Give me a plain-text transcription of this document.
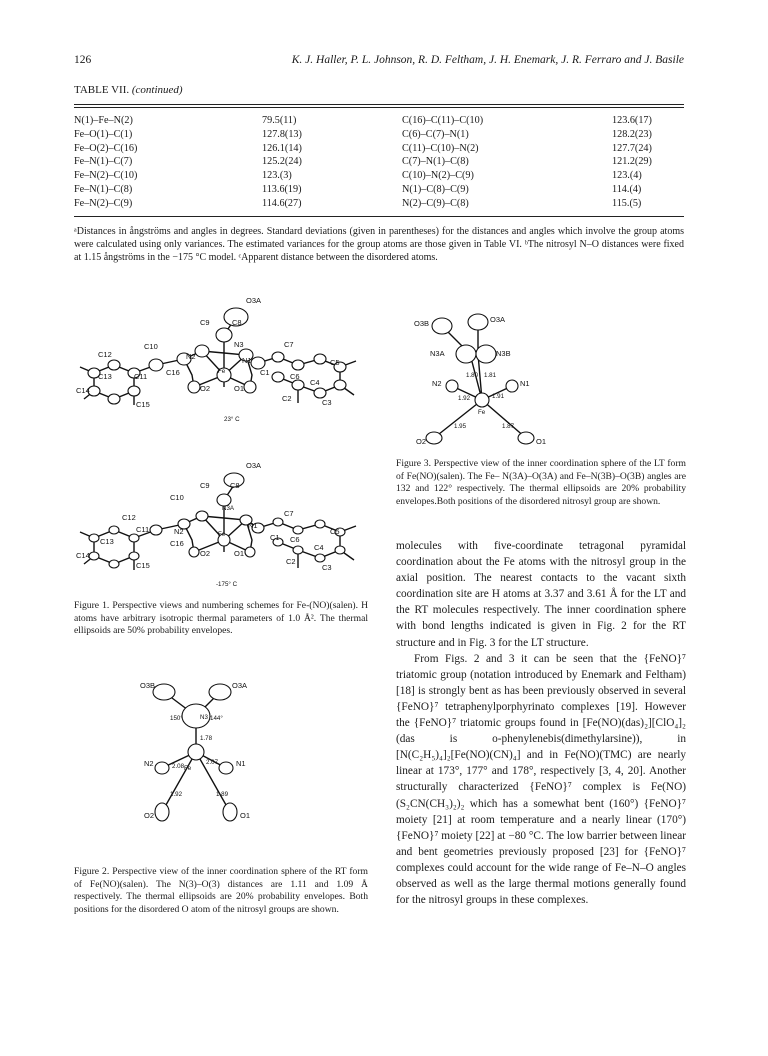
126	K. J. Haller, P. L. Johnson, R. D. Feltham, J. H. Enemark, J. R. Ferraro and J. Basile
TABLE VII. (continued)
N(1)–Fe–N(2)	79.5(11)	C(16)–C(11)–C(10)	123.6(17)
Fe–O(1)–C(1)	127.8(13)	C(6)–C(7)–N(1)	128.2(23)
Fe–O(2)–C(16)	126.1(14)	C(11)–C(10)–N(2)	127.7(24)
Fe–N(1)–C(7)	125.2(24)	C(7)–N(1)–C(8)	121.2(29)
Fe–N(2)–C(10)	123.(3)	C(10)–N(2)–C(9)	123.(4)
Fe–N(1)–C(8)	113.6(19)	N(1)–C(8)–C(9)	114.(4)
Fe–N(2)–C(9)	114.6(27)	N(2)–C(9)–C(8)	115.(5)
ᵃDistances in ångströms and angles in degrees. Standard deviations (given in parentheses) for the distances and angles which involve the group atoms were calculated using only variances. The estimated variances for the group atoms are those given in Table VI. ᵇThe nitrosyl N–O distances were fixed at 1.15 ångströms in the −175 °C model. ᶜApparent distance between the disordered atoms.
O3A
C8
C9
C10
C12	N2
N3
N1
C7
C5
Fe
C13	C11	C16	C1	C6
C14	O2	O1
C4
C15
C2	C3
23° C
O3A
C8
C9
C10
C12
N2
N3A
N1
C7
C5
Fe
C13
C11
C16
C1 C6
C14	O2	O1
C4
C15	C2
C3
-175° C
Figure 1. Perspective views and numbering schemes for Fe-(NO)(salen). H atoms have arbitrary isotropic thermal parameters of 1.0 Å². The thermal ellipsoids are 50% probability envelopes.
O3B	O3A
N3
150°	144°
1.78
N2	N1
2.08
2.07
Fe
1.92	1.89
O2	O1
Figure 2. Perspective view of the inner coordination sphere of the RT form of Fe(NO)(salen). The N(3)–O(3) distances are 1.11 and 1.09 Å respectively. The thermal ellipsoids are 20% probability envelopes. Both positions for the disordered O atom of the nitrosyl groups are shown.
O3B	O3A
N3A	N3B
1.80 1.81
N2	N1
1.92	1.91
Fe
1.95	1.87
O2	O1
Figure 3. Perspective view of the inner coordination sphere of the LT form of Fe(NO)(salen). The Fe– N(3A)–O(3A) and Fe–N(3B)–O(3B) angles are 132 and 122° respectively. The thermal ellipsoids are 20% probability envelopes.Both positions of the disordered nitrosyl group are shown.

molecules with five-coordinate tetragonal pyramidal coordination about the Fe atoms with the nitrosyl group in the axial position. The nearest contacts to the vacant sixth coordination site are H atoms at 3.37 and 3.61 Å for the LT and the RT molecules respectively. The inner coordination sphere with bond lengths indicated is given in Fig. 2 for the RT structure and in Fig. 3 for the LT structure.

From Figs. 2 and 3 it can be seen that the {FeNO}⁷ triatomic group (notation introduced by Enemark and Feltham) [18] is strongly bent as has been previously observed in several {FeNO}⁷ tetraphenylporphyrinato complexes [19]. However the {FeNO}⁷ triatomic groups found in [Fe(NO)(das)₂][ClO₄]₂ (das is o-phenylenebis(dimethylarsine)), in [N(C₂H₅)₄]₂[Fe(NO)(CN)₄] and in Fe(NO)(TMC) are nearly linear at 173°, 177° and 178°, respectively [3, 4, 20]. Another structurally characterized {FeNO}⁷ complex is Fe(NO)(S₂CN(CH₃)₂)₂ which has a somewhat bent (160°) {FeNO}⁷ moiety [21] at room temperature and a nearly linear (170°) {FeNO}⁷ moiety [22] at −80 °C. The low barrier between linear and bent geometries previously proposed [23] for {FeNO}⁷ complexes could account for the wide range of Fe–N–O angles observed as well as the large thermal motions generally found for the nitrosyl groups in these complexes.
